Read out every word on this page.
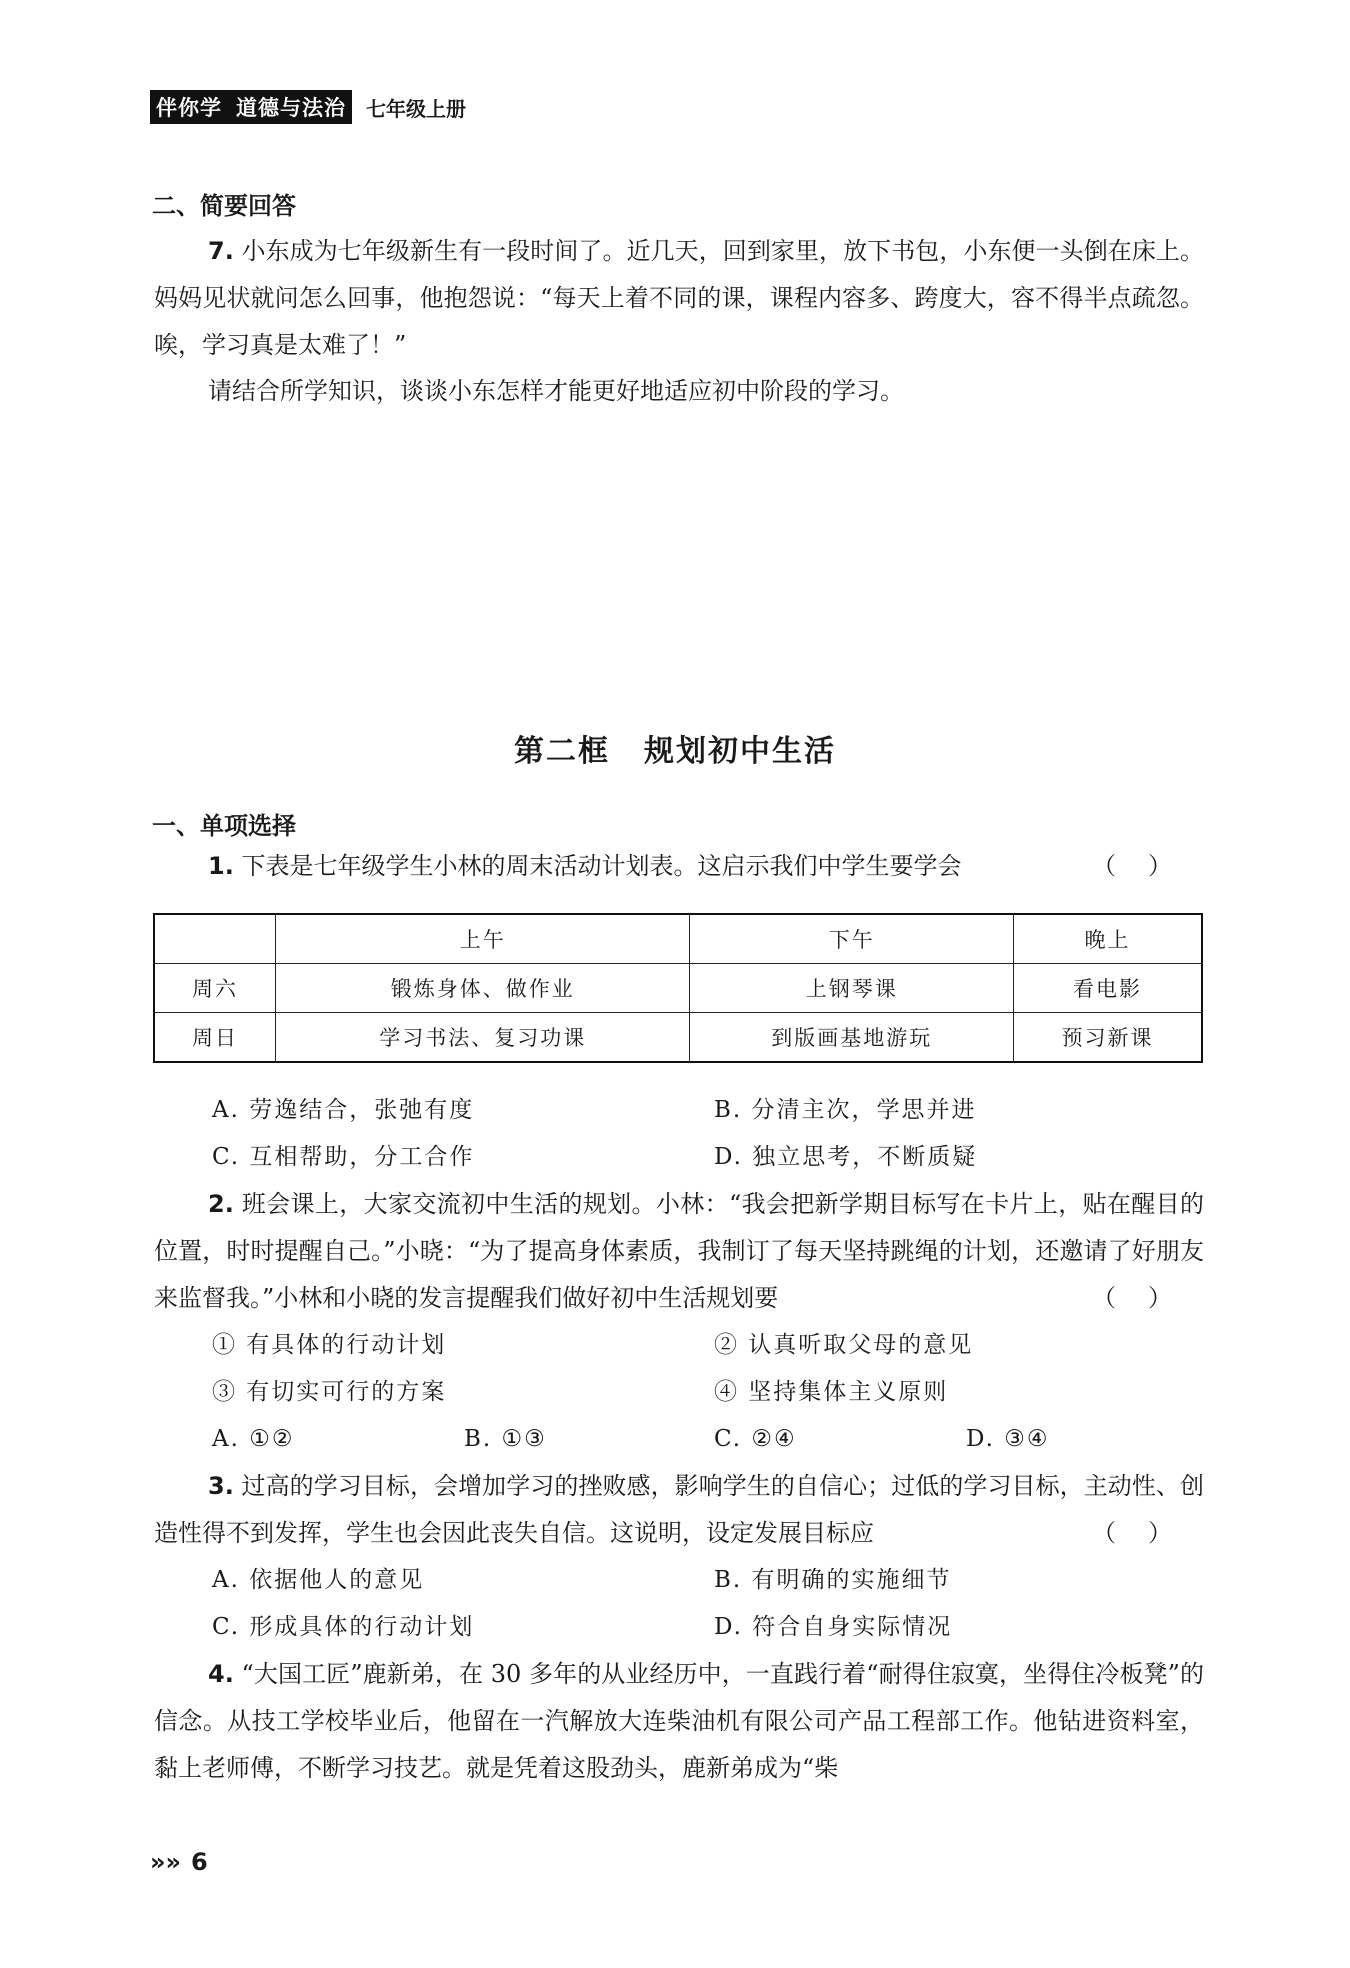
伴你学 道德与法治	七年级上册
二、简要回答
7. 小东成为七年级新生有一段时间了。近几天，回到家里，放下书包，小东便一头倒在床上。妈妈见状就问怎么回事，他抱怨说：“每天上着不同的课，课程内容多、跨度大，容不得半点疏忽。唉，学习真是太难了！”
请结合所学知识，谈谈小东怎样才能更好地适应初中阶段的学习。
第二框 规划初中生活
一、单项选择
1. 下表是七年级学生小林的周末活动计划表。这启示我们中学生要学会	（）
	上午	下午	晚上
周六	锻炼身体、做作业	上钢琴课	看电影
周日	学习书法、复习功课	到版画基地游玩	预习新课
A. 劳逸结合，张弛有度	B. 分清主次，学思并进
C. 互相帮助，分工合作	D. 独立思考，不断质疑
2. 班会课上，大家交流初中生活的规划。小林：“我会把新学期目标写在卡片上，贴在醒目的位置，时时提醒自己。”小晓：“为了提高身体素质，我制订了每天坚持跳绳的计划，还邀请了好朋友来监督我。”小林和小晓的发言提醒我们做好初中生活规划要	（）
① 有具体的行动计划	② 认真听取父母的意见
③ 有切实可行的方案	④ 坚持集体主义原则
A. ①②	B. ①③	C. ②④	D. ③④
3. 过高的学习目标，会增加学习的挫败感，影响学生的自信心；过低的学习目标，主动性、创造性得不到发挥，学生也会因此丧失自信。这说明，设定发展目标应	（）
A. 依据他人的意见	B. 有明确的实施细节
C. 形成具体的行动计划	D. 符合自身实际情况
4. “大国工匠”鹿新弟，在 30 多年的从业经历中，一直践行着“耐得住寂寞，坐得住冷板凳”的信念。从技工学校毕业后，他留在一汽解放大连柴油机有限公司产品工程部工作。他钻进资料室，黏上老师傅，不断学习技艺。就是凭着这股劲头，鹿新弟成为“柴
»» 6
